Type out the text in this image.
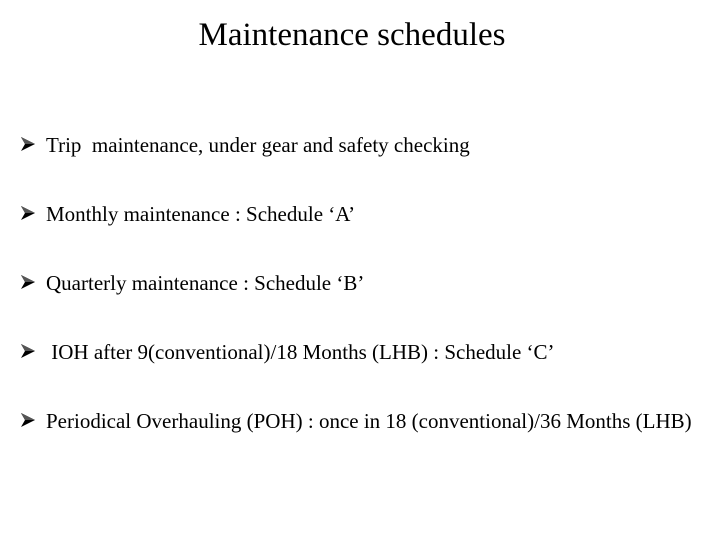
Maintenance schedules
Trip  maintenance, under gear and safety checking
Monthly maintenance : Schedule ‘A’
Quarterly maintenance : Schedule ‘B’
IOH after 9(conventional)/18 Months (LHB) : Schedule ‘C’
Periodical Overhauling (POH) : once in 18 (conventional)/36 Months (LHB)
